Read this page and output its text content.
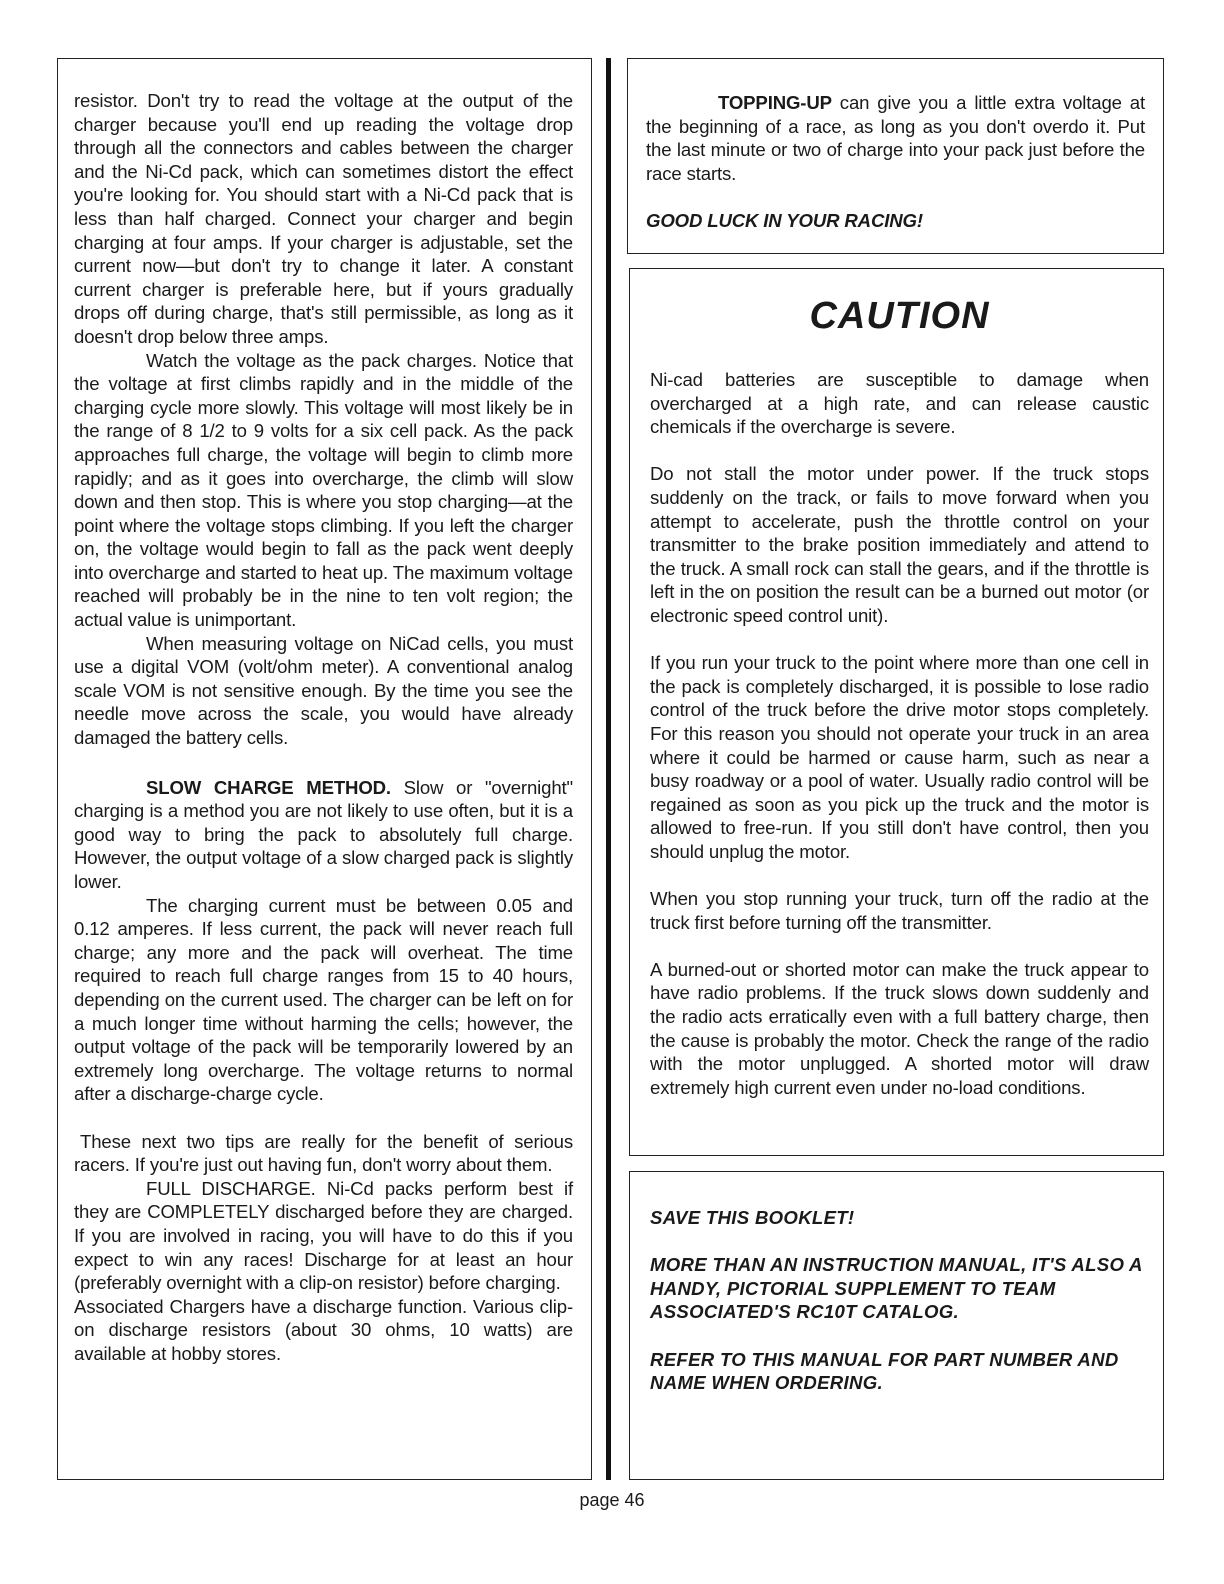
resistor. Don't try to read the voltage at the output of the charger because you'll end up reading the voltage drop through all the connectors and cables between the charger and the Ni-Cd pack, which can sometimes distort the effect you're looking for. You should start with a Ni-Cd pack that is less than half charged. Connect your charger and begin charging at four amps. If your charger is adjustable, set the current now—but don't try to change it later. A constant current charger is preferable here, but if yours gradually drops off during charge, that's still permissible, as long as it doesn't drop below three amps.

Watch the voltage as the pack charges. Notice that the voltage at first climbs rapidly and in the middle of the charging cycle more slowly. This voltage will most likely be in the range of 8 1/2 to 9 volts for a six cell pack. As the pack approaches full charge, the voltage will begin to climb more rapidly; and as it goes into overcharge, the climb will slow down and then stop. This is where you stop charging—at the point where the voltage stops climbing. If you left the charger on, the voltage would begin to fall as the pack went deeply into overcharge and started to heat up. The maximum voltage reached will probably be in the nine to ten volt region; the actual value is unimportant.

When measuring voltage on NiCad cells, you must use a digital VOM (volt/ohm meter). A conventional analog scale VOM is not sensitive enough. By the time you see the needle move across the scale, you would have already damaged the battery cells.

SLOW CHARGE METHOD. Slow or "overnight" charging is a method you are not likely to use often, but it is a good way to bring the pack to absolutely full charge. However, the output voltage of a slow charged pack is slightly lower.

The charging current must be between 0.05 and 0.12 amperes. If less current, the pack will never reach full charge; any more and the pack will overheat. The time required to reach full charge ranges from 15 to 40 hours, depending on the current used. The charger can be left on for a much longer time without harming the cells; however, the output voltage of the pack will be temporarily lowered by an extremely long overcharge. The voltage returns to normal after a discharge-charge cycle.

These next two tips are really for the benefit of serious racers. If you're just out having fun, don't worry about them.

FULL DISCHARGE. Ni-Cd packs perform best if they are COMPLETELY discharged before they are charged. If you are involved in racing, you will have to do this if you expect to win any races! Discharge for at least an hour (preferably overnight with a clip-on resistor) before charging.

Associated Chargers have a discharge function. Various clip-on discharge resistors (about 30 ohms, 10 watts) are available at hobby stores.

TOPPING-UP can give you a little extra voltage at the beginning of a race, as long as you don't overdo it. Put the last minute or two of charge into your pack just before the race starts.

GOOD LUCK IN YOUR RACING!

CAUTION

Ni-cad batteries are susceptible to damage when overcharged at a high rate, and can release caustic chemicals if the overcharge is severe.

Do not stall the motor under power. If the truck stops suddenly on the track, or fails to move forward when you attempt to accelerate, push the throttle control on your transmitter to the brake position immediately and attend to the truck. A small rock can stall the gears, and if the throttle is left in the on position the result can be a burned out motor (or electronic speed control unit).

If you run your truck to the point where more than one cell in the pack is completely discharged, it is possible to lose radio control of the truck before the drive motor stops completely. For this reason you should not operate your truck in an area where it could be harmed or cause harm, such as near a busy roadway or a pool of water. Usually radio control will be regained as soon as you pick up the truck and the motor is allowed to free-run. If you still don't have control, then you should unplug the motor.

When you stop running your truck, turn off the radio at the truck first before turning off the transmitter.

A burned-out or shorted motor can make the truck appear to have radio problems. If the truck slows down suddenly and the radio acts erratically even with a full battery charge, then the cause is probably the motor. Check the range of the radio with the motor unplugged. A shorted motor will draw extremely high current even under no-load conditions.

SAVE THIS BOOKLET!

MORE THAN AN INSTRUCTION MANUAL, IT'S ALSO A HANDY, PICTORIAL SUPPLEMENT TO TEAM ASSOCIATED'S RC10T CATALOG.

REFER TO THIS MANUAL FOR PART NUMBER AND NAME WHEN ORDERING.

page 46
